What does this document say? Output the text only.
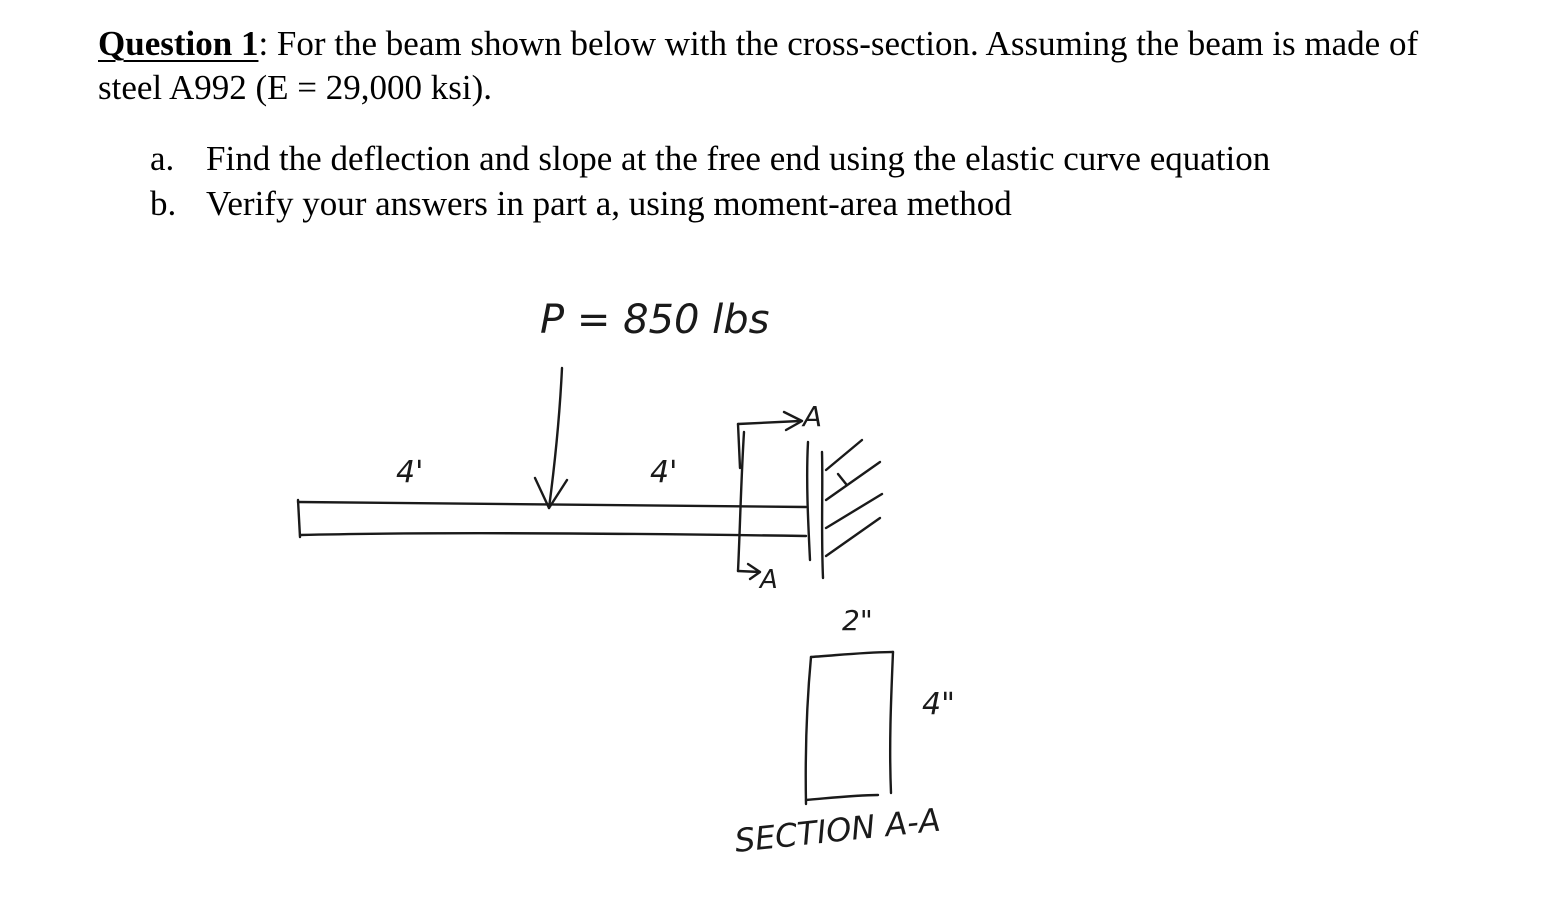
Question 1: For the beam shown below with the cross-section. Assuming the beam is made of steel A992 (E = 29,000 ksi).

a. Find the deflection and slope at the free end using the elastic curve equation
b. Verify your answers in part a, using moment-area method
P = 850 lbs
4'	4'
A
A
2"
4"
SECTION A-A
